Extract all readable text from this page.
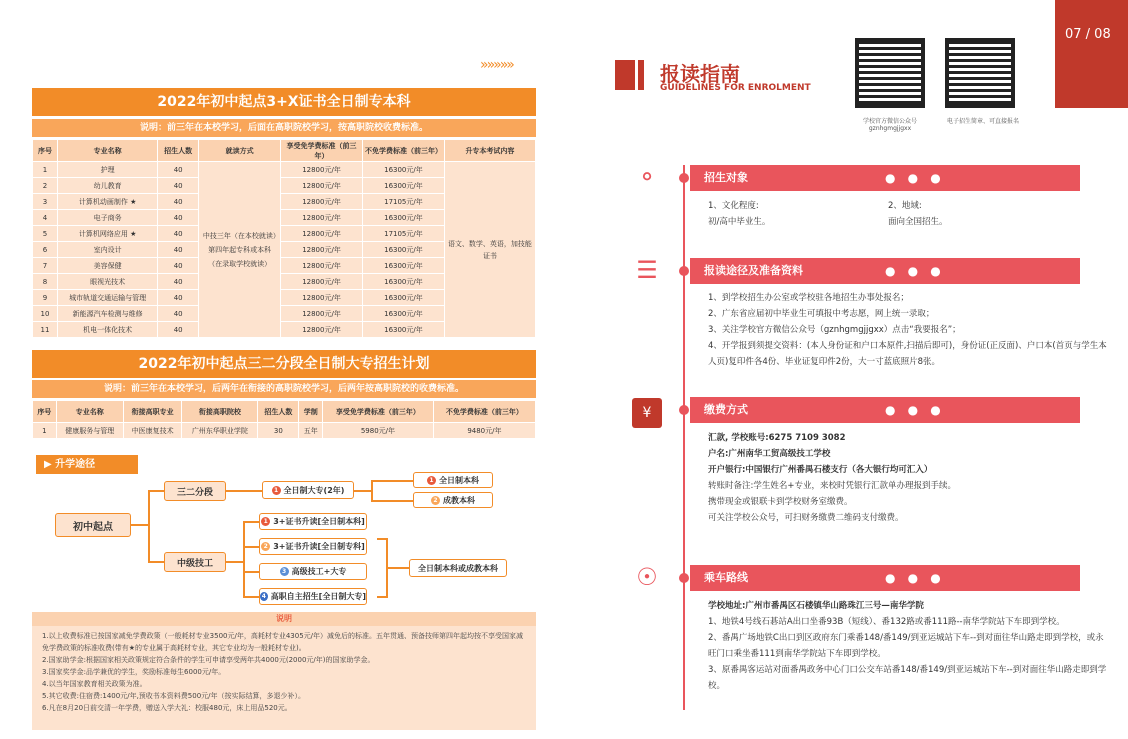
»»»»»
2022年初中起点3+X证书全日制专本科
说明：前三年在本校学习，后面在高职院校学习，按高职院校收费标准。
序号	专业名称	招生人数	就读方式	享受免学费标准（前三年）	不免学费标准（前三年）	升专本考试内容
1	护理	40	中技三年（在本校就读）第四年起专科或本科（在录取学校就读）	12800元/年	16300元/年	语文、数学、英语，加技能证书
2	幼儿教育	40		12800元/年	16300元/年	
3	计算机动画制作 ★	40		12800元/年	17105元/年	
4	电子商务	40		12800元/年	16300元/年	
5	计算机网络应用 ★	40		12800元/年	17105元/年	
6	室内设计	40		12800元/年	16300元/年	
7	美容保健	40		12800元/年	16300元/年	
8	眼视光技术	40		12800元/年	16300元/年	
9	城市轨道交通运输与管理	40		12800元/年	16300元/年	
10	新能源汽车检测与维修	40		12800元/年	16300元/年	
11	机电一体化技术	40		12800元/年	16300元/年	
2022年初中起点三二分段全日制大专招生计划
说明：前三年在本校学习，后两年在衔接的高职院校学习，后两年按高职院校的收费标准。
序号	专业名称	衔接高职专业	衔接高职院校	招生人数	学制	享受免学费标准（前三年）	不免学费标准（前三年）
1	健康服务与管理	中医康复技术	广州东华职业学院	30	五年	5980元/年	9480元/年
▶ 升学途径
初中起点
三二分段
中级技工
1 全日制大专(2年)
1 全日制本科
2 成教本科
1 3+证书升读[全日制本科]
2 3+证书升读[全日制专科]
3 高级技工+大专
4 高职自主招生[全日制大专]
全日制本科或成教本科
说明
1.以上收费标准已按国家减免学费政策（一般耗材专业3500元/年，高耗材专业4305元/年）减免后的标准。五年贯通、预备技师第四年起均按不享受国家减免学费政策的标准收费(带有★的专业属于高耗材专业，其它专业均为一般耗材专业)。
2.国家助学金:根据国家相关政策规定符合条件的学生可申请享受两年共4000元(2000元/年)的国家助学金。
3.国家奖学金:品学兼优的学生，奖励标准每生6000元/年。
4.以当年国家教育相关政策为准。
5.其它收费:住宿费:1400元/年,预收书本资料费500元/年（按实际结算，多退少补）。
6.凡在8月20日前交清一年学费，赠送入学大礼：校服480元，床上用品520元。
报读指南
GUIDELINES FOR ENROLMENT
学校官方微信公众号 gznhgmgjjgxx
电子招生简章、可直接报名
07 / 08
⚬	招生对象	● ● ●
1、文化程度:
初/高中毕业生。
2、地域:
面向全国招生。
☰	报读途径及准备资料	● ● ●
1、到学校招生办公室或学校驻各地招生办事处报名；
2、广东省应届初中毕业生可填报中考志愿，网上统一录取；
3、关注学校官方微信公众号（gznhgmgjjgxx）点击“我要报名”；
4、开学报到须提交资料：(本人身份证和户口本原件,扫描后即可)，身份证(正反面)、户口本(首页与学生本人页)复印件各4份、毕业证复印件2份，大一寸蓝底照片8张。
¥	缴费方式	● ● ●
汇款, 学校账号:6275 7109 3082
户名:广州南华工贸高级技工学校
开户银行:中国银行广州番禺石楼支行（各大银行均可汇入）
转账时备注:学生姓名+专业，来校时凭银行汇款单办理报到手续。
携带现金或银联卡到学校财务室缴费。
可关注学校公众号，可扫财务缴费二维码支付缴费。
☉	乘车路线	● ● ●
学校地址:广州市番禺区石楼镇华山路珠江三号—南华学院
1、地铁4号线石碁站A出口坐番93B（短线）、番132路或番111路--南华学院站下车即到学校。
2、番禺广场地铁C出口到区政府东门乘番148/番149/到亚运城站下车--到对面往华山路走即到学校，或永旺门口乘坐番111到南华学院站下车即到学校。
3、原番禺客运站对面番禺政务中心门口公交车站番148/番149/到亚运城站下车--到对面往华山路走即到学校。
